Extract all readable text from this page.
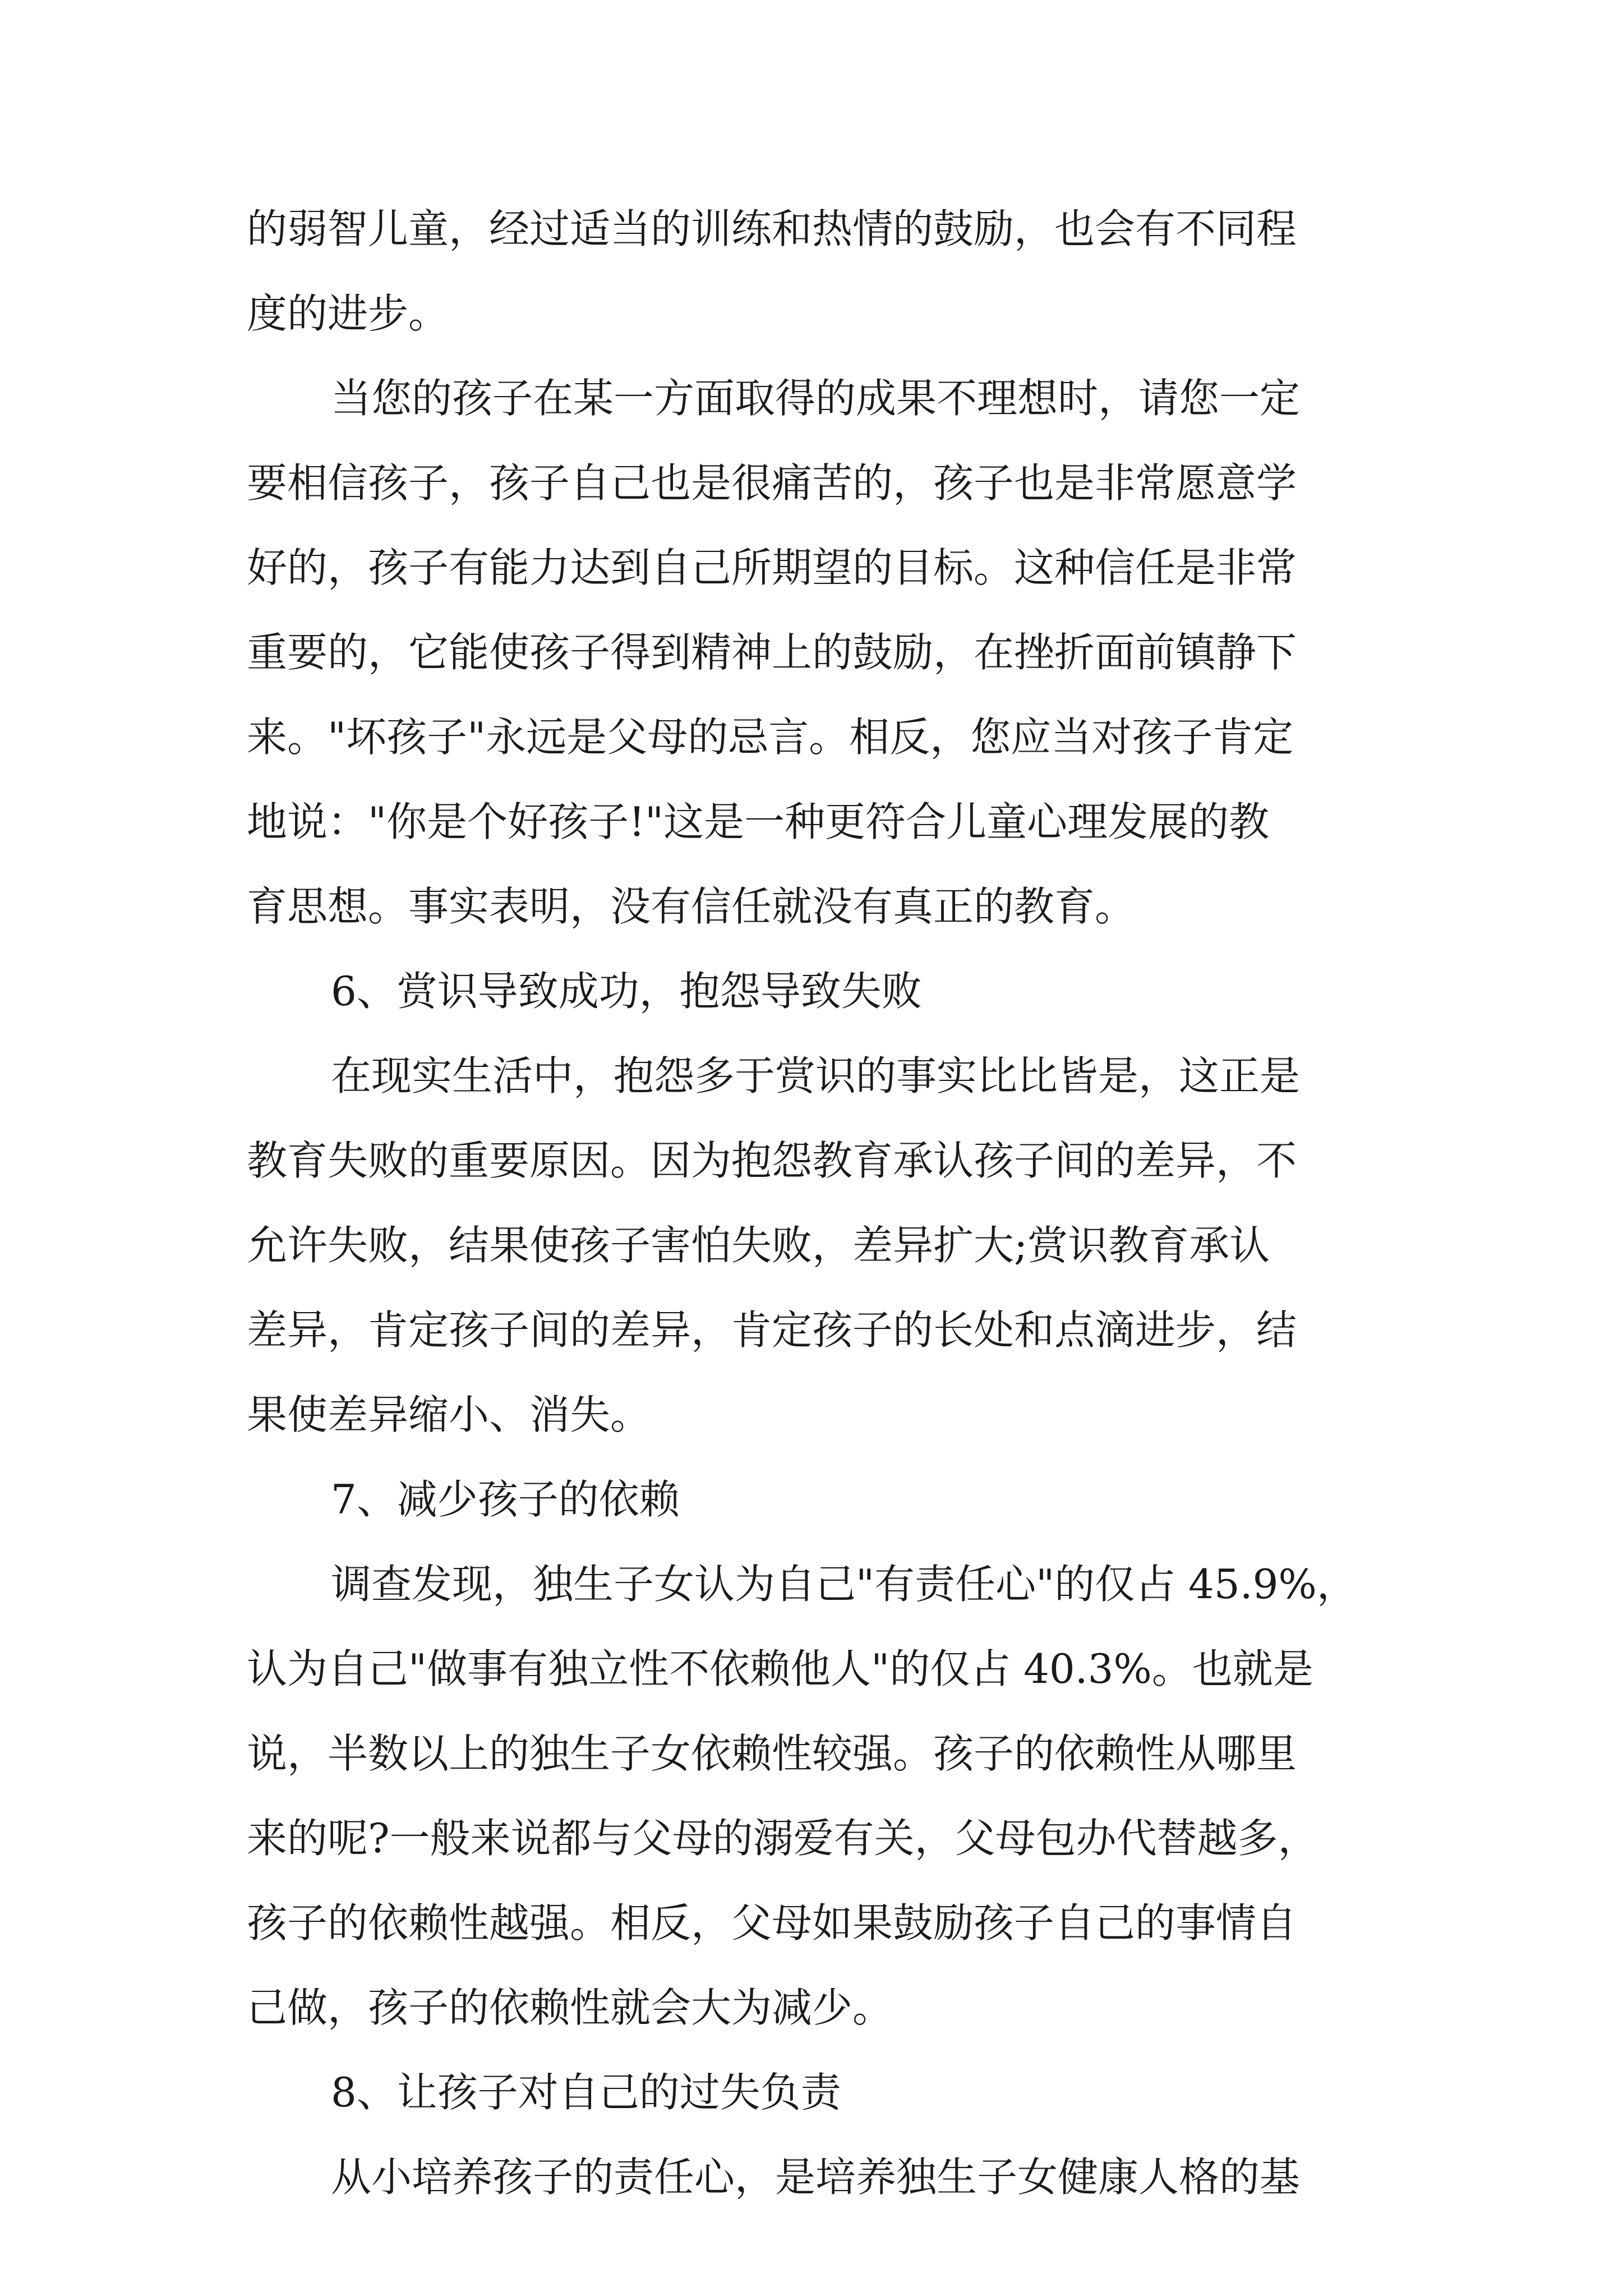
的弱智儿童，经过适当的训练和热情的鼓励，也会有不同程
度的进步。
当您的孩子在某一方面取得的成果不理想时，请您一定
要相信孩子，孩子自己也是很痛苦的，孩子也是非常愿意学
好的，孩子有能力达到自己所期望的目标。这种信任是非常
重要的，它能使孩子得到精神上的鼓励，在挫折面前镇静下
来。"坏孩子"永远是父母的忌言。相反，您应当对孩子肯定
地说："你是个好孩子!"这是一种更符合儿童心理发展的教
育思想。事实表明，没有信任就没有真正的教育。
6、赏识导致成功，抱怨导致失败
在现实生活中，抱怨多于赏识的事实比比皆是，这正是
教育失败的重要原因。因为抱怨教育承认孩子间的差异，不
允许失败，结果使孩子害怕失败，差异扩大;赏识教育承认
差异，肯定孩子间的差异，肯定孩子的长处和点滴进步，结
果使差异缩小、消失。
7、减少孩子的依赖
调查发现，独生子女认为自己"有责任心"的仅占 45.9%，
认为自己"做事有独立性不依赖他人"的仅占 40.3%。也就是
说，半数以上的独生子女依赖性较强。孩子的依赖性从哪里
来的呢?一般来说都与父母的溺爱有关，父母包办代替越多，
孩子的依赖性越强。相反，父母如果鼓励孩子自己的事情自
己做，孩子的依赖性就会大为减少。
8、让孩子对自己的过失负责
从小培养孩子的责任心，是培养独生子女健康人格的基
